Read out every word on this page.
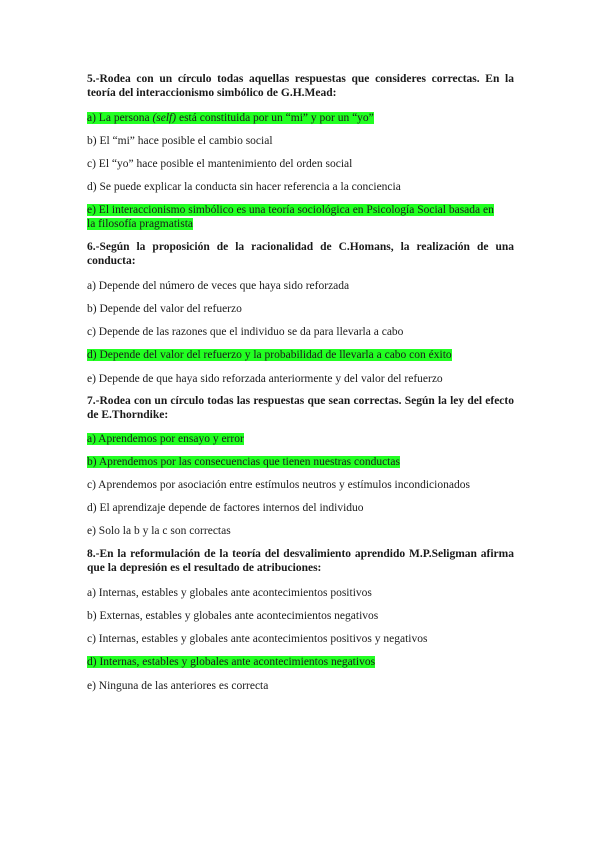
5.-Rodea con un círculo todas aquellas respuestas que consideres correctas. En la teoría del interaccionismo simbólico de G.H.Mead:
a) La persona (self) está constituida por un “mi” y por un “yo”
b) El “mi” hace posible el cambio social
c) El “yo” hace posible el mantenimiento del orden social
d) Se puede explicar la conducta sin hacer referencia a la conciencia
e) El interaccionismo simbólico es una teoría sociológica en Psicología Social basada en
la filosofía pragmatista
6.-Según la proposición de la racionalidad de C.Homans, la realización de una conducta:
a) Depende del número de veces que haya sido reforzada
b) Depende del valor del refuerzo
c) Depende de las razones que el individuo se da para llevarla a cabo
d) Depende del valor del refuerzo y la probabilidad de llevarla a cabo con éxito
e) Depende de que haya sido reforzada anteriormente y del valor del refuerzo
7.-Rodea con un círculo todas las respuestas que sean correctas. Según la ley del efecto de E.Thorndike:
a) Aprendemos por ensayo y error
b) Aprendemos por las consecuencias que tienen nuestras conductas
c) Aprendemos por asociación entre estímulos neutros y estímulos incondicionados
d) El aprendizaje depende de factores internos del individuo
e) Solo la b y la c son correctas
8.-En la reformulación de la teoría del desvalimiento aprendido M.P.Seligman afirma que la depresión es el resultado de atribuciones:
a) Internas, estables y globales ante acontecimientos positivos
b) Externas, estables y globales ante acontecimientos negativos
c) Internas, estables y globales ante acontecimientos positivos y negativos
d) Internas, estables y globales ante acontecimientos negativos
e) Ninguna de las anteriores es correcta
